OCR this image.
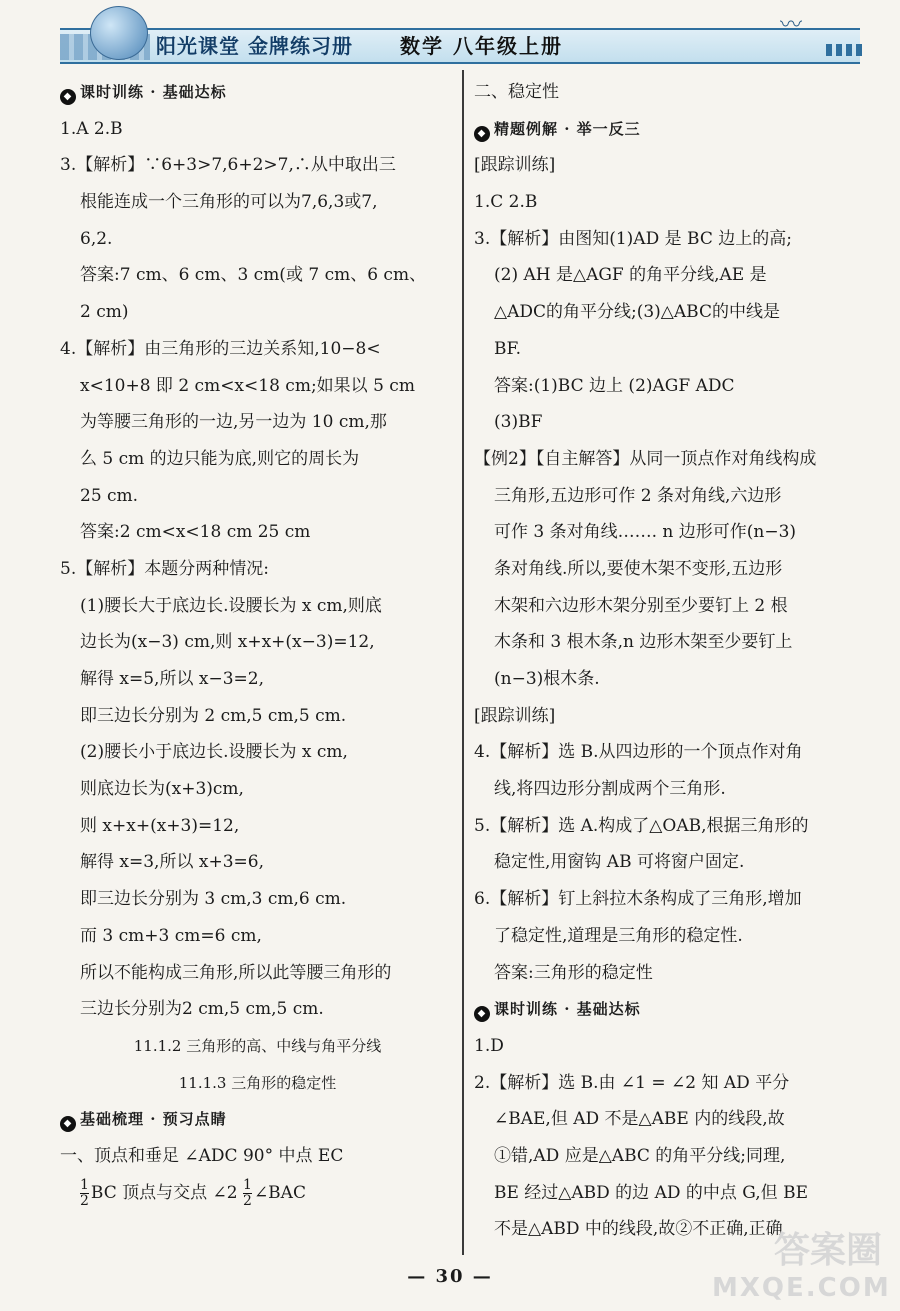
阳光课堂 金牌练习册 数学 八年级上册
〰︎
◆ 课时训练 · 基础达标
1.A 2.B
3.【解析】∵6+3>7,6+2>7,∴从中取出三
根能连成一个三角形的可以为7,6,3或7,
6,2.
答案:7 cm、6 cm、3 cm(或 7 cm、6 cm、
2 cm)
4.【解析】由三角形的三边关系知,10−8<
x<10+8 即 2 cm<x<18 cm;如果以 5 cm
为等腰三角形的一边,另一边为 10 cm,那
么 5 cm 的边只能为底,则它的周长为
25 cm.
答案:2 cm<x<18 cm 25 cm
5.【解析】本题分两种情况:
(1)腰长大于底边长.设腰长为 x cm,则底
边长为(x−3) cm,则 x+x+(x−3)=12,
解得 x=5,所以 x−3=2,
即三边长分别为 2 cm,5 cm,5 cm.
(2)腰长小于底边长.设腰长为 x cm,
则底边长为(x+3)cm,
则 x+x+(x+3)=12,
解得 x=3,所以 x+3=6,
即三边长分别为 3 cm,3 cm,6 cm.
而 3 cm+3 cm=6 cm,
所以不能构成三角形,所以此等腰三角形的
三边长分别为2 cm,5 cm,5 cm.
11.1.2 三角形的高、中线与角平分线
11.1.3 三角形的稳定性
◆ 基础梳理 · 预习点睛
一、顶点和垂足 ∠ADC 90° 中点 EC
$\frac{1}{2}$ BC 顶点与交点 ∠2 $\frac{1}{2}$ ∠BAC
二、稳定性
◆ 精题例解 · 举一反三
[跟踪训练]
1.C 2.B
3.【解析】由图知(1)AD 是 BC 边上的高;
(2) AH 是△AGF 的角平分线,AE 是
△ADC的角平分线;(3)△ABC的中线是
BF.
答案:(1)BC 边上 (2)AGF ADC
(3)BF
【例2】【自主解答】从同一顶点作对角线构成
三角形,五边形可作 2 条对角线,六边形
可作 3 条对角线……. n 边形可作(n−3)
条对角线.所以,要使木架不变形,五边形
木架和六边形木架分别至少要钉上 2 根
木条和 3 根木条,n 边形木架至少要钉上
(n−3)根木条.
[跟踪训练]
4.【解析】选 B.从四边形的一个顶点作对角
线,将四边形分割成两个三角形.
5.【解析】选 A.构成了△OAB,根据三角形的
稳定性,用窗钩 AB 可将窗户固定.
6.【解析】钉上斜拉木条构成了三角形,增加
了稳定性,道理是三角形的稳定性.
答案:三角形的稳定性
◆ 课时训练 · 基础达标
1.D
2.【解析】选 B.由 ∠1 = ∠2 知 AD 平分
∠BAE,但 AD 不是△ABE 内的线段,故
①错,AD 应是△ABC 的角平分线;同理,
BE 经过△ABD 的边 AD 的中点 G,但 BE
不是△ABD 中的线段,故②不正确,正确
— 30 —
答案圈
MXQE.COM
